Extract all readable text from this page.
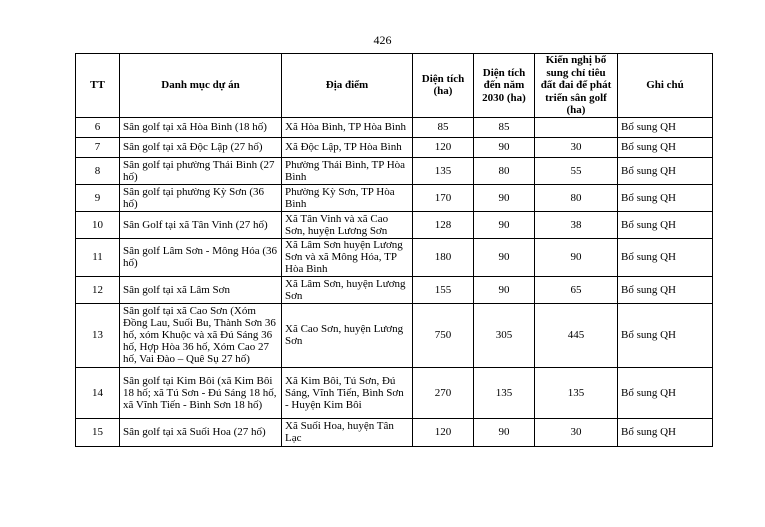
426
TT	Danh mục dự án	Địa điểm	Diện tích (ha)	Diện tích đến năm 2030 (ha)	Kiến nghị bổ sung chỉ tiêu đất đai để phát triển sân golf (ha)	Ghi chú
6	Sân golf tại xã Hòa Bình (18 hố)	Xã Hòa Bình, TP Hòa Bình	85	85		Bổ sung QH
7	Sân golf tại xã Độc Lập (27 hố)	Xã Độc Lập, TP Hòa Bình	120	90	30	Bổ sung QH
8	Sân golf tại phường Thái Bình (27 hố)	Phường Thái Bình, TP Hòa Bình	135	80	55	Bổ sung QH
9	Sân golf tại phường Kỳ Sơn (36 hố)	Phường Kỳ Sơn, TP Hòa Bình	170	90	80	Bổ sung QH
10	Sân Golf tại xã Tân Vinh (27 hố)	Xã Tân Vinh và xã Cao Sơn, huyện Lương Sơn	128	90	38	Bổ sung QH
11	Sân golf Lâm Sơn - Mông Hóa (36 hố)	Xã Lâm Sơn huyện Lương Sơn và xã Mông Hóa, TP Hòa Bình	180	90	90	Bổ sung QH
12	Sân golf tại xã Lâm Sơn	Xã Lâm Sơn, huyện Lương Sơn	155	90	65	Bổ sung QH
13	Sân golf tại xã Cao Sơn (Xóm Đồng Lau, Suối Bu, Thành Sơn 36 hố, xóm Khuộc và xã Đú Sáng 36 hố, Hợp Hòa 36 hố, Xóm Cao 27 hố, Vai Đào – Quê Sụ 27 hố)	Xã Cao Sơn, huyện Lương Sơn	750	305	445	Bổ sung QH
14	Sân golf tại Kim Bôi (xã Kim Bôi 18 hố; xã Tú Sơn - Đú Sáng 18 hố, xã Vĩnh Tiến - Bình Sơn 18 hố)	Xã Kim Bôi, Tú Sơn, Đú Sáng, Vĩnh Tiến, Bình Sơn - Huyện Kim Bôi	270	135	135	Bổ sung QH
15	Sân golf tại xã Suối Hoa (27 hố)	Xã Suối Hoa, huyện Tân Lạc	120	90	30	Bổ sung QH
